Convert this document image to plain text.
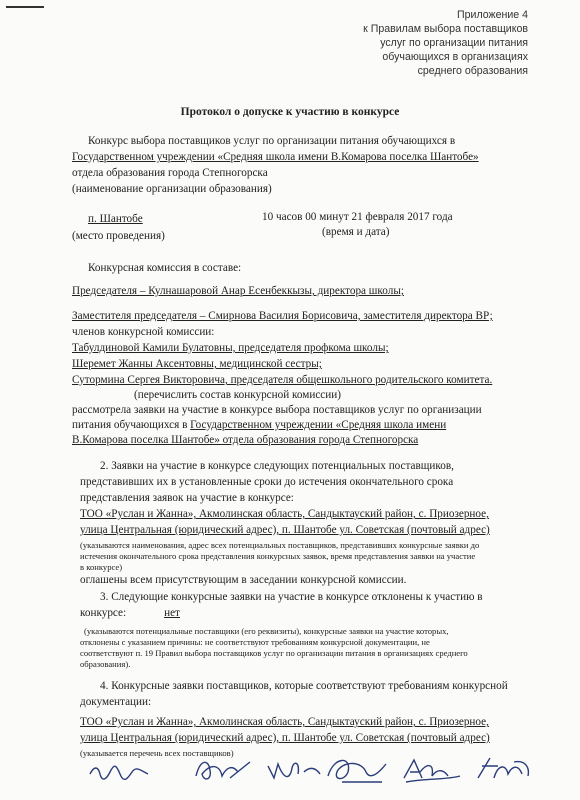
Приложение 4
к Правилам выбора поставщиков
услуг по организации питания
обучающихся в организациях
среднего образования
Протокол о допуске к участию в конкурсе
Конкурс выбора поставщиков услуг по организации питания обучающихся в
Государственном учреждении «Средняя школа имени В.Комарова поселка Шантобе»
отдела образования города Степногорска
(наименование организации образования)
п. Шантобе
(место проведения)
10 часов 00 минут 21 февраля 2017 года
(время и дата)
Конкурсная комиссия в составе:
Председателя – Кулнашаровой Анар Есенбеккызы, директора школы;
Заместителя председателя – Смирнова Василия Борисовича, заместителя директора ВР;
членов конкурсной комиссии:
Табулдиновой Камили Булатовны, председателя профкома школы;
Шеремет Жанны Аксентовны, медицинской сестры;
Сутормина Сергея Викторовича, председателя общешкольного родительского комитета.
(перечислить состав конкурсной комиссии)
рассмотрела заявки на участие в конкурсе выбора поставщиков услуг по организации
питания обучающихся в Государственном учреждении «Средняя школа имени
В.Комарова поселка Шантобе» отдела образования города Степногорска
2. Заявки на участие в конкурсе следующих потенциальных поставщиков,
представивших их в установленные сроки до истечения окончательного срока
представления заявок на участие в конкурсе:
ТОО «Руслан и Жанна», Акмолинская область, Сандыктауский район, с. Приозерное,
улица Центральная (юридический адрес), п. Шантобе ул. Советская (почтовый адрес)
(указываются наименования, адрес всех потенциальных поставщиков, представивших конкурсные заявки до
истечения окончательного срока представления конкурсных заявок, время представления заявки на участие
в конкурсе)
оглашены всем присутствующим в заседании конкурсной комиссии.
3. Следующие конкурсные заявки на участие в конкурсе отклонены к участию в
конкурсе:	нет
(указываются потенциальные поставщики (его реквизиты), конкурсные заявки на участие которых,
отклонены с указанием причины: не соответствуют требованиям конкурсной документации, не
соответствуют п. 19 Правил выбора поставщиков услуг по организации питания в организациях среднего
образования).
4. Конкурсные заявки поставщиков, которые соответствуют требованиям конкурсной
документации:
ТОО «Руслан и Жанна», Акмолинская область, Сандыктауский район, с. Приозерное,
улица Центральная (юридический адрес), п. Шантобе ул. Советская (почтовый адрес)
(указывается перечень всех поставщиков)
